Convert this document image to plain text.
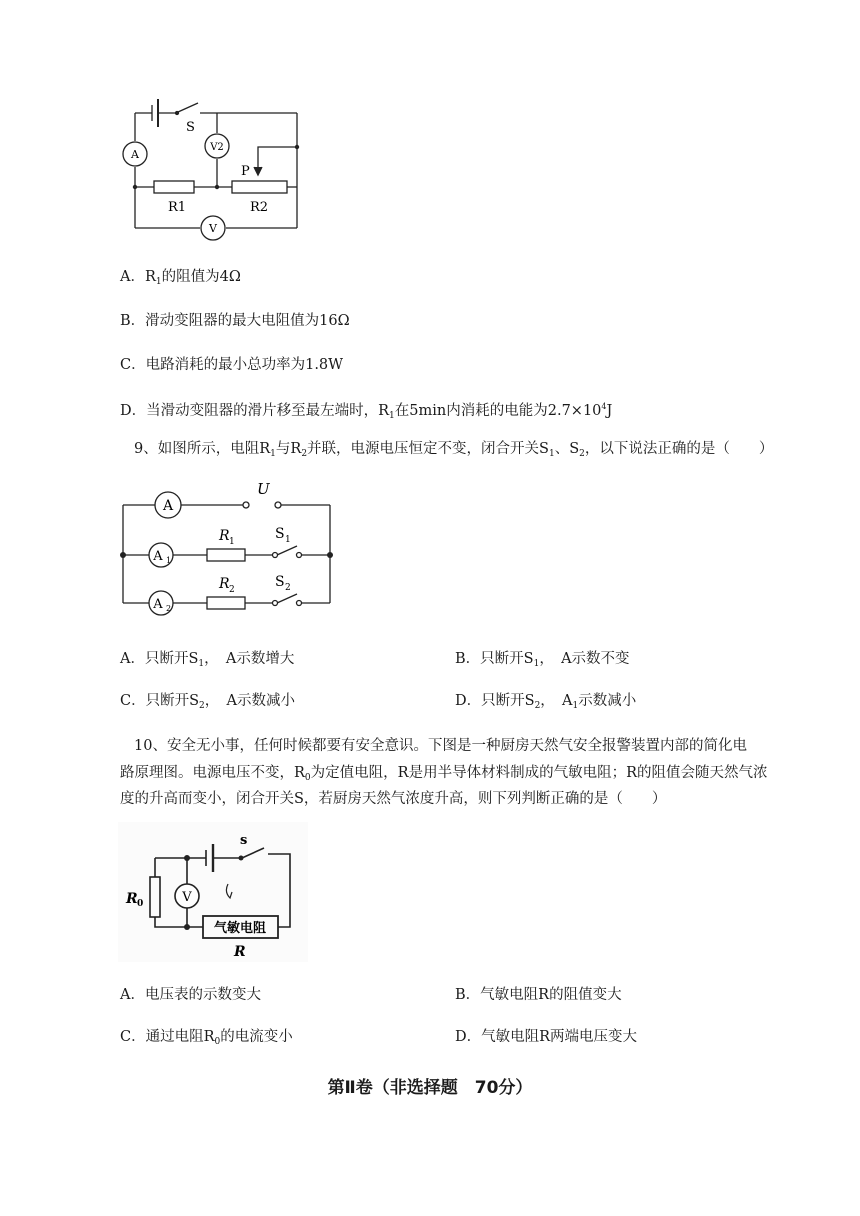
A
V2
V
S
P
R1	R2
A．$R_1$的阻值为4Ω
B．滑动变阻器的最大电阻值为16Ω
C．电路消耗的最小总功率为1.8W
D．当滑动变阻器的滑片移至最左端时，$R_1$在5min内消耗的电能为$2.7\times 10^4J$
9、如图所示，电阻$R_1$与$R_2$并联，电源电压恒定不变，闭合开关$S_1$、$S_2$，以下说法正确的是（　　）
A
A 1
A 2
U
R 1
R 2
S 1
S 2
A．只断开$S_1$，　A示数增大	B．只断开$S_1$，　A示数不变
C．只断开$S_2$，　A示数减小	D．只断开$S_2$，　$A_1$示数减小
10、安全无小事，任何时候都要有安全意识。下图是一种厨房天然气安全报警装置内部的简化电
路原理图。电源电压不变，$R_0$为定值电阻，R是用半导体材料制成的气敏电阻；R的阻值会随天然气浓
度的升高而变小，闭合开关S，若厨房天然气浓度升高，则下列判断正确的是（　　）
V
s
R 0
气敏电阻
R
A．电压表的示数变大	B．气敏电阻R的阻值变大
C．通过电阻$R_0$的电流变小	D．气敏电阻R两端电压变大
第Ⅱ卷（非选择题　70分）
